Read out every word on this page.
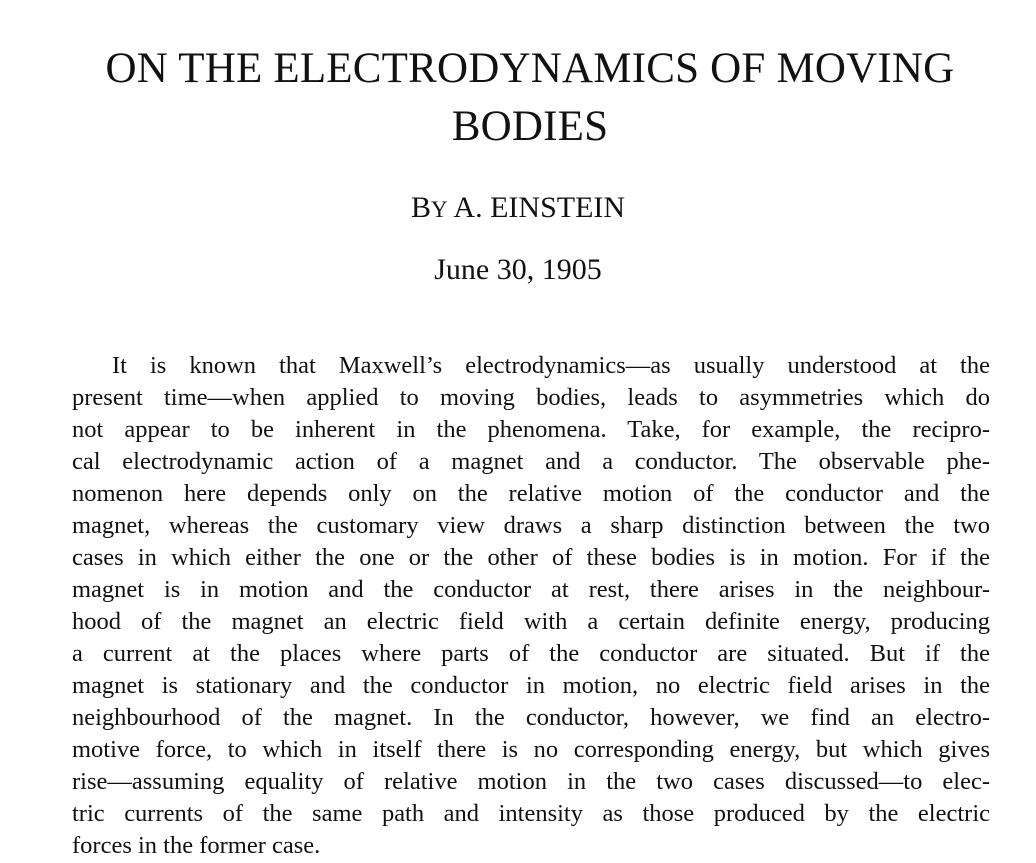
ON THE ELECTRODYNAMICS OF MOVING
BODIES
BY A. EINSTEIN
June 30, 1905
It is known that Maxwell’s electrodynamics—as usually understood at the
present time—when applied to moving bodies, leads to asymmetries which do
not appear to be inherent in the phenomena. Take, for example, the recipro-
cal electrodynamic action of a magnet and a conductor. The observable phe-
nomenon here depends only on the relative motion of the conductor and the
magnet, whereas the customary view draws a sharp distinction between the two
cases in which either the one or the other of these bodies is in motion. For if the
magnet is in motion and the conductor at rest, there arises in the neighbour-
hood of the magnet an electric field with a certain definite energy, producing
a current at the places where parts of the conductor are situated. But if the
magnet is stationary and the conductor in motion, no electric field arises in the
neighbourhood of the magnet. In the conductor, however, we find an electro-
motive force, to which in itself there is no corresponding energy, but which gives
rise—assuming equality of relative motion in the two cases discussed—to elec-
tric currents of the same path and intensity as those produced by the electric
forces in the former case.
